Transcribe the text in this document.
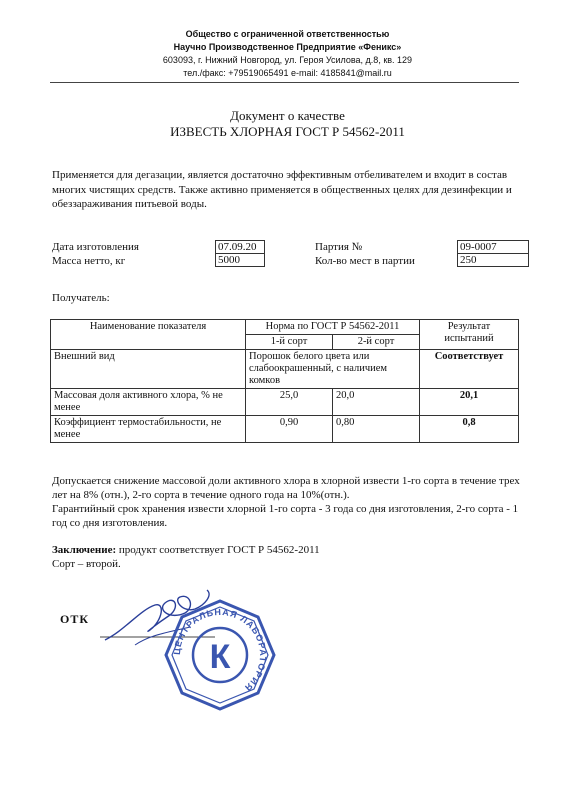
Общество с ограниченной ответственностью
Научно Производственное Предприятие «Феникс»
603093, г. Нижний Новгород, ул. Героя Усилова, д.8, кв. 129
тел./факс: +79519065491 e-mail: 4185841@mail.ru
Документ о качестве
ИЗВЕСТЬ ХЛОРНАЯ ГОСТ Р 54562-2011
Применяется для дегазации, является достаточно эффективным отбеливателем и входит в состав многих чистящих средств. Также активно применяется в общественных целях для дезинфекции и обеззараживания питьевой воды.
Дата изготовления	07.09.20
Масса нетто, кг	5000
Партия №	09-0007
Кол-во мест в партии	250
Получатель:
Наименование показателя	Норма по ГОСТ Р 54562-2011		Результат испытаний
	1-й сорт	2-й сорт	
Внешний вид	Порошок белого цвета или слабоокрашенный, с наличием комков		Соответствует
Массовая доля активного хлора, % не менее	25,0	20,0	20,1
Коэффициент термостабильности, не менее	0,90	0,80	0,8
Допускается снижение массовой доли активного хлора в хлорной извести 1-го сорта в течение трех лет на 8% (отн.), 2-го сорта в течение одного года на 10%(отн.).
Гарантийный срок хранения извести хлорной 1-го сорта - 3 года со дня изготовления, 2-го сорта - 1 год со дня изготовления.
Заключение: продукт соответствует ГОСТ Р 54562-2011
Сорт – второй.
ОТК
ЦЕНТРАЛЬНАЯ ЛАБОРАТОРИЯ
К
